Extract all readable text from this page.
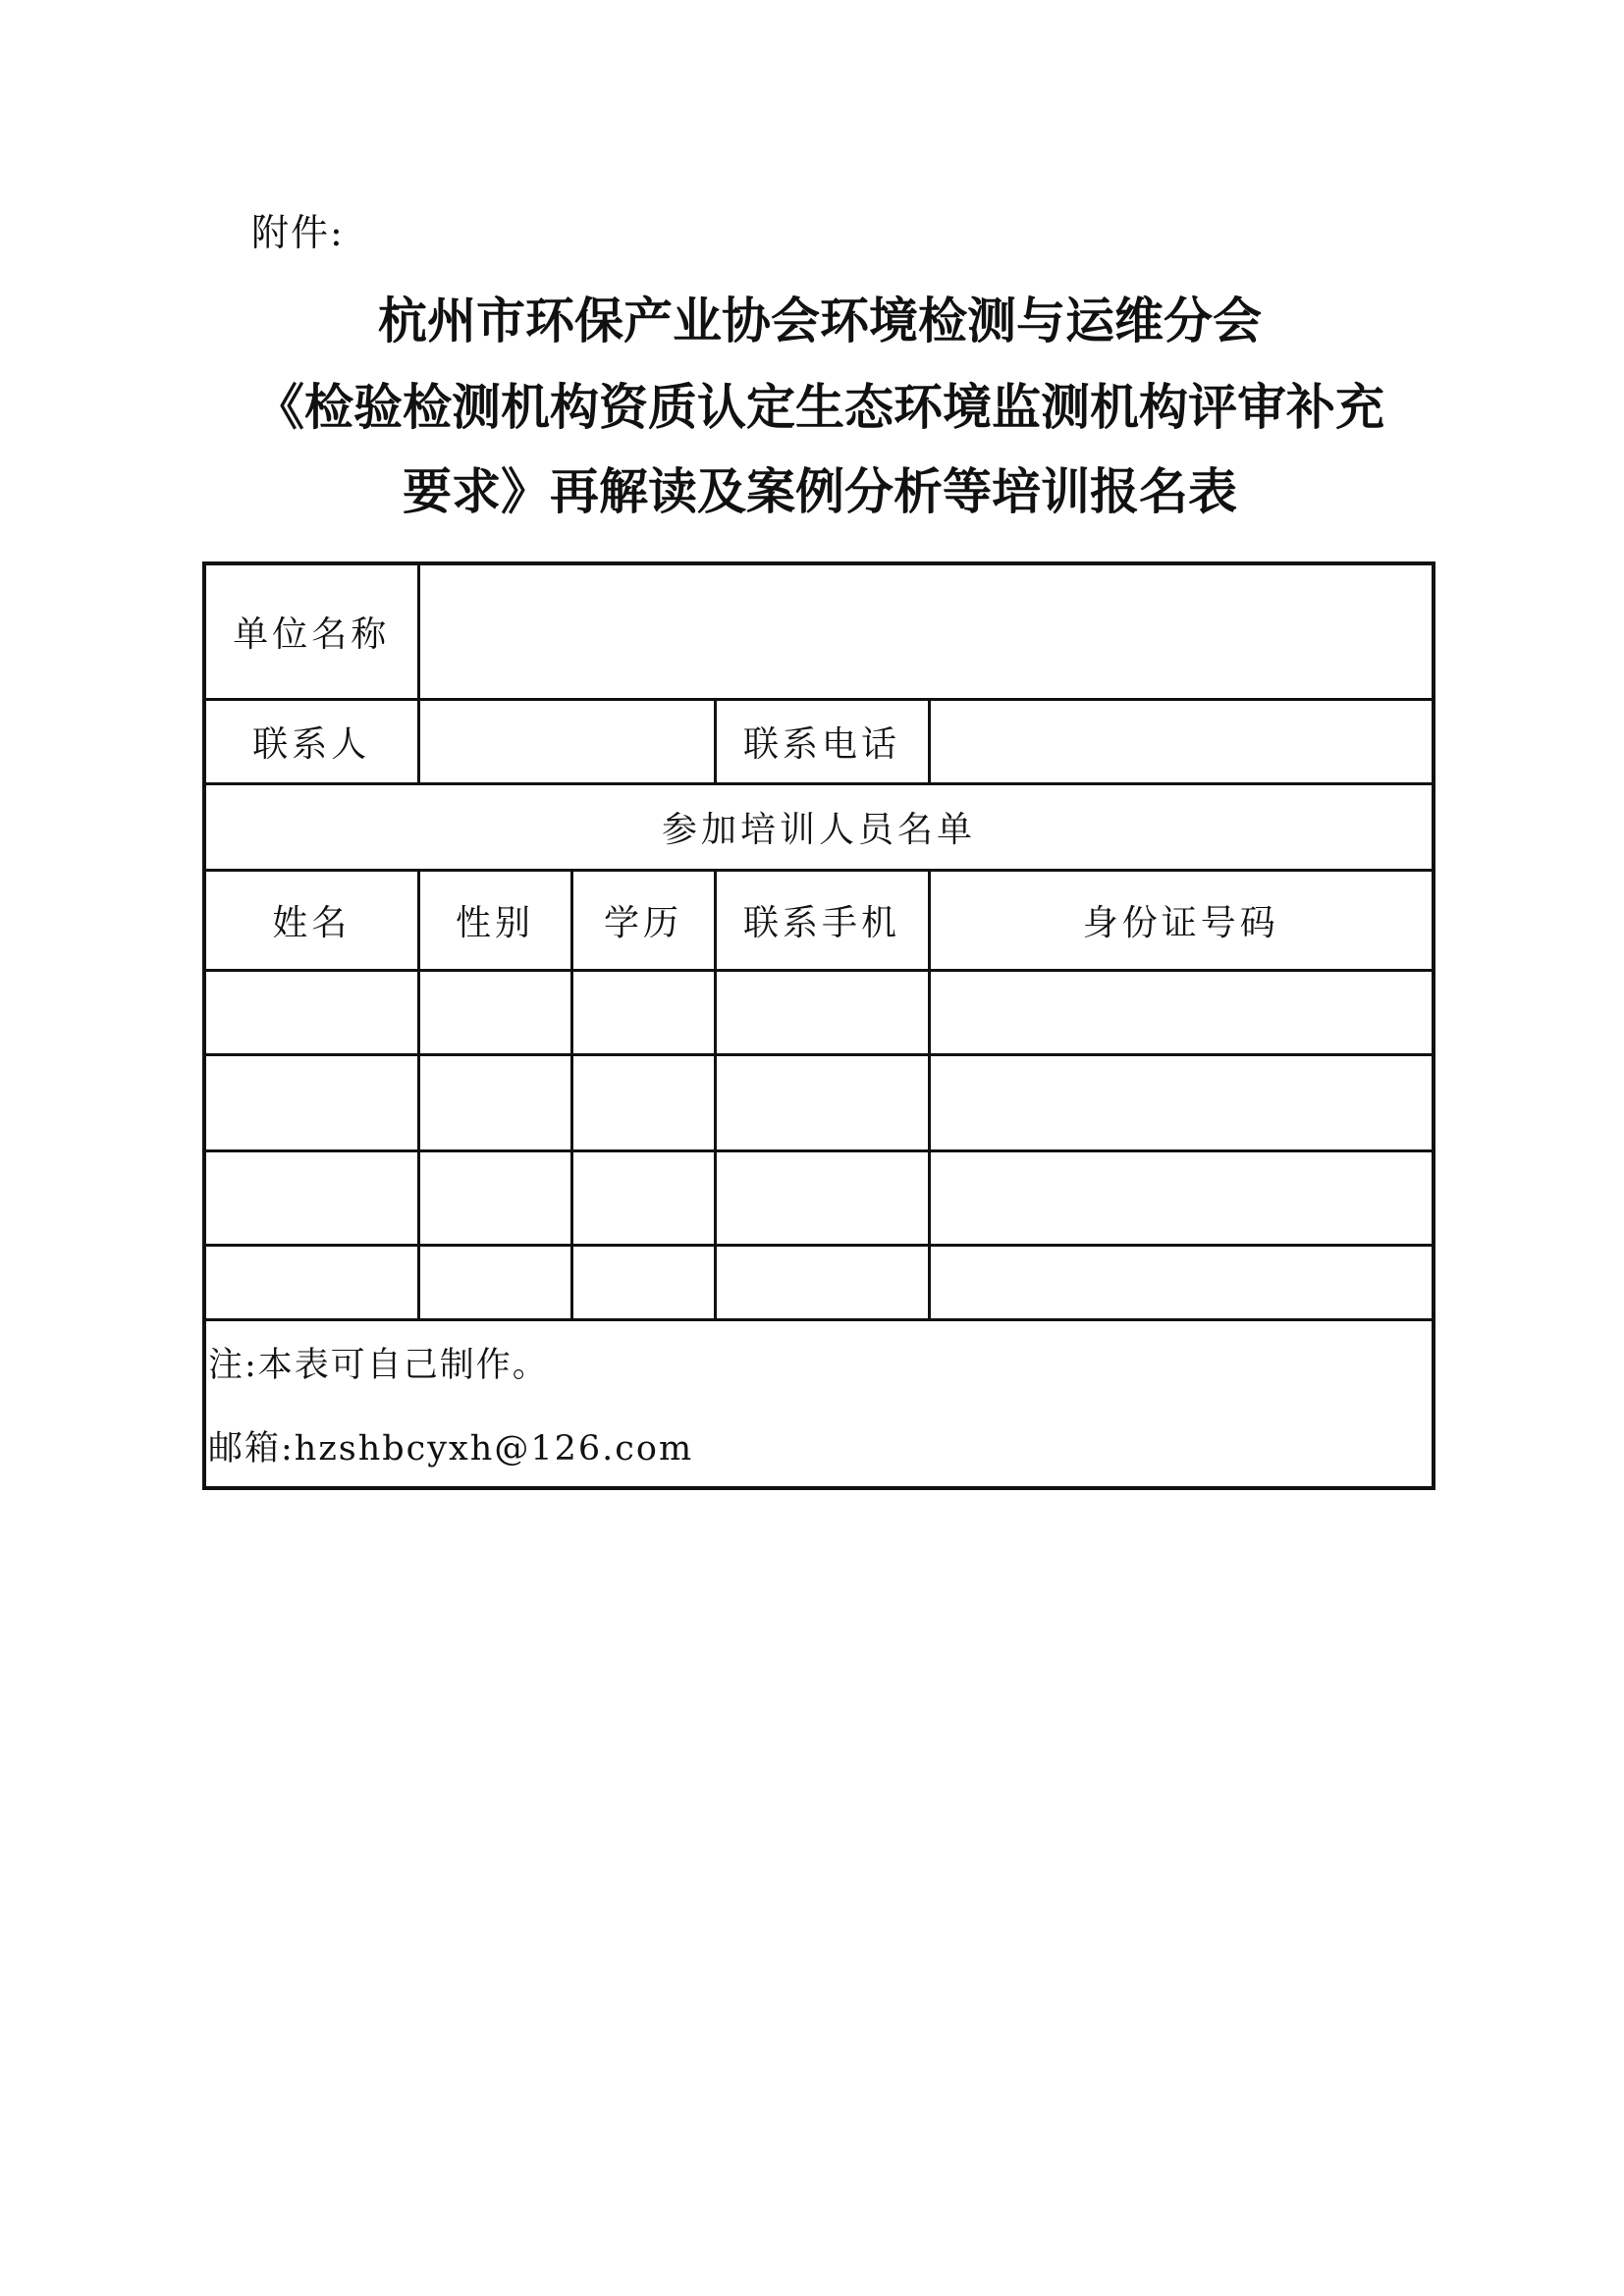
附件:
杭州市环保产业协会环境检测与运维分会
《检验检测机构资质认定生态环境监测机构评审补充
要求》再解读及案例分析等培训报名表
单位名称				
联系人			联系电话	
参加培训人员名单				
姓名	性别	学历	联系手机	身份证号码

注:本表可自己制作。
邮箱:hzshbcyxh@126.com				
